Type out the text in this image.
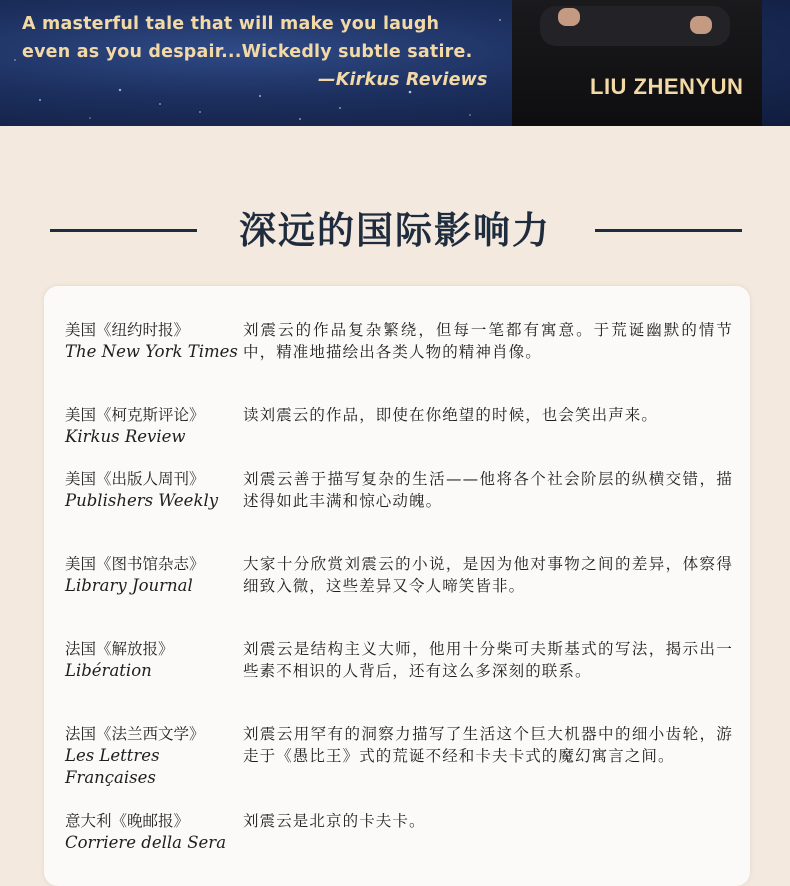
A masterful tale that will make you laugh
even as you despair...Wickedly subtle satire.
—Kirkus Reviews	LIU ZHENYUN
深远的国际影响力
美国《纽约时报》
The New York Times
刘震云的作品复杂繁绕，但每一笔都有寓意。于荒诞幽默的情节中，精准地描绘出各类人物的精神肖像。
美国《柯克斯评论》
Kirkus Review
读刘震云的作品，即使在你绝望的时候，也会笑出声来。
美国《出版人周刊》
Publishers Weekly
刘震云善于描写复杂的生活——他将各个社会阶层的纵横交错，描述得如此丰满和惊心动魄。
美国《图书馆杂志》
Library Journal
大家十分欣赏刘震云的小说，是因为他对事物之间的差异，体察得细致入微，这些差异又令人啼笑皆非。
法国《解放报》
Libération
刘震云是结构主义大师，他用十分柴可夫斯基式的写法，揭示出一些素不相识的人背后，还有这么多深刻的联系。
法国《法兰西文学》
Les Lettres Françaises
刘震云用罕有的洞察力描写了生活这个巨大机器中的细小齿轮，游走于《愚比王》式的荒诞不经和卡夫卡式的魔幻寓言之间。
意大利《晚邮报》
Corriere della Sera
刘震云是北京的卡夫卡。
